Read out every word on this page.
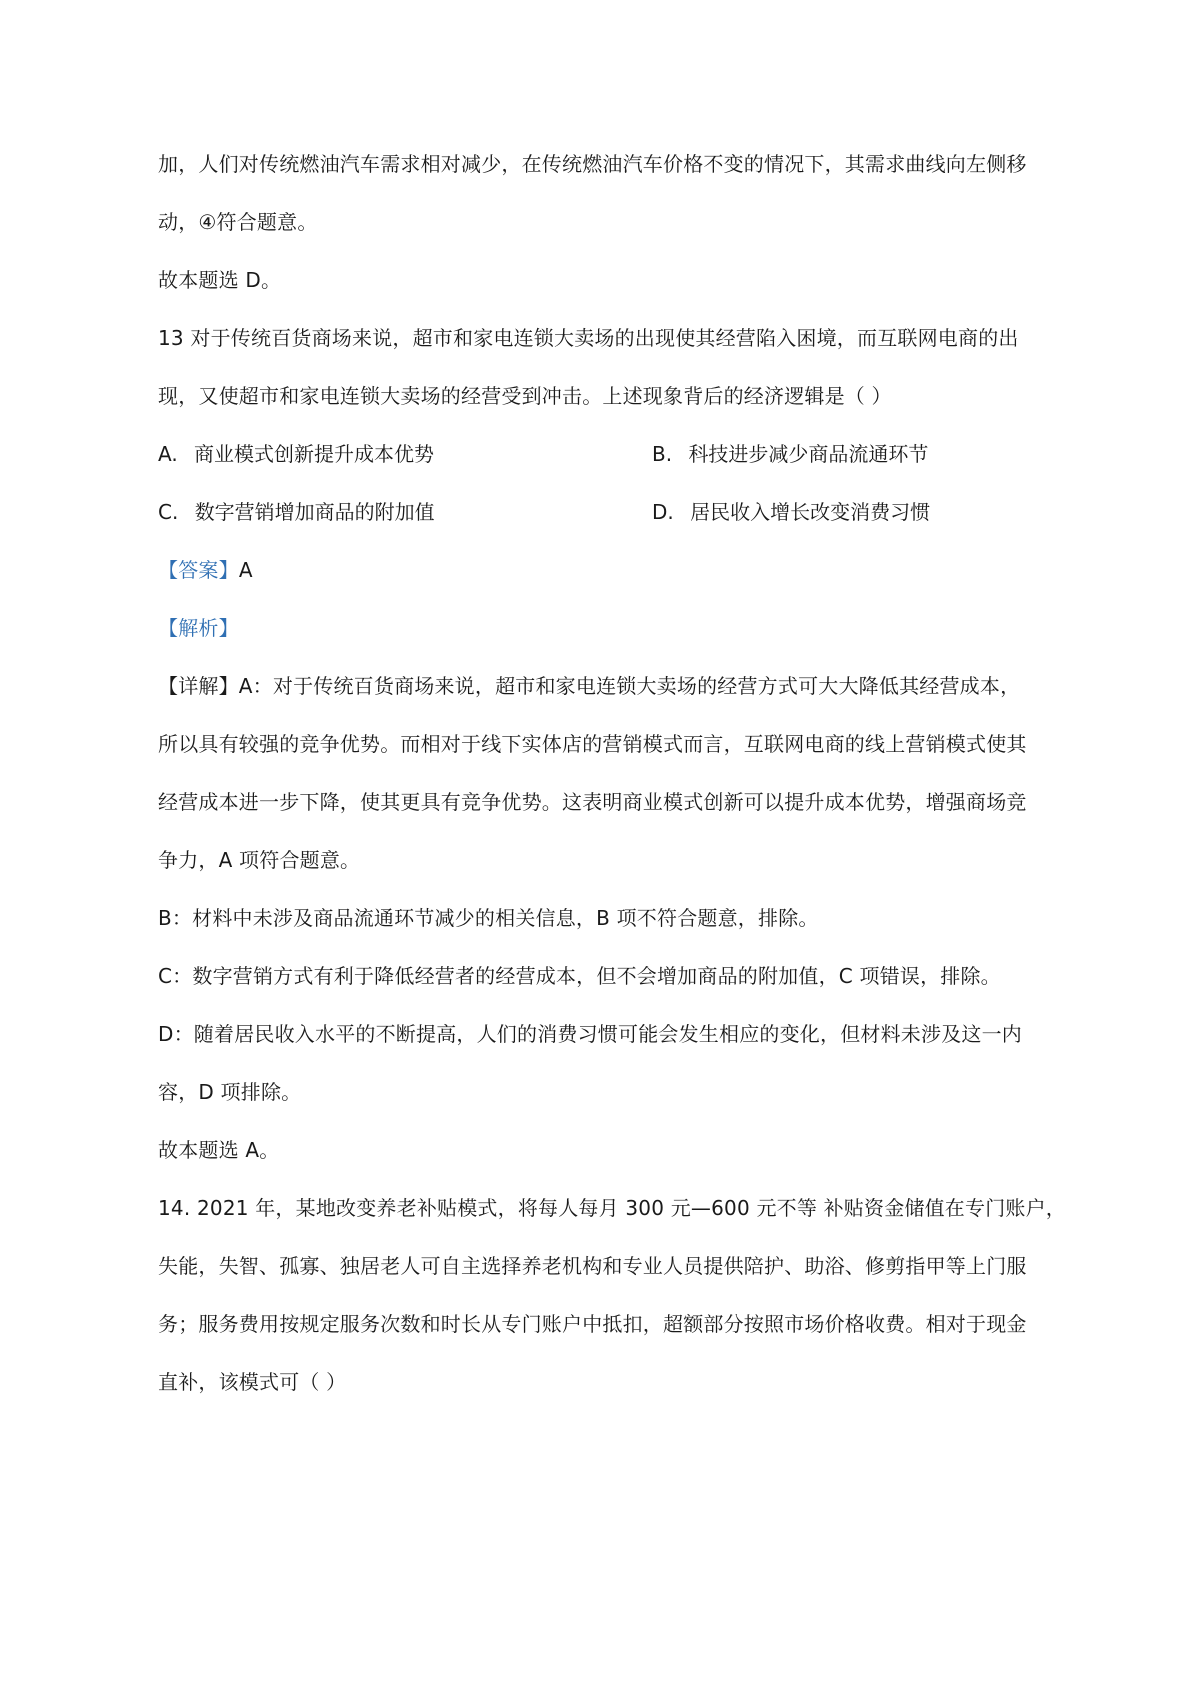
加，人们对传统燃油汽车需求相对减少，在传统燃油汽车价格不变的情况下，其需求曲线向左侧移
动，④符合题意。
故本题选 D。
13 对于传统百货商场来说，超市和家电连锁大卖场的出现使其经营陷入困境，而互联网电商的出
现，又使超市和家电连锁大卖场的经营受到冲击。上述现象背后的经济逻辑是（ ）
A. 商业模式创新提升成本优势	B. 科技进步减少商品流通环节
C. 数字营销增加商品的附加值	D. 居民收入增长改变消费习惯
【答案】A
【解析】
【详解】A：对于传统百货商场来说，超市和家电连锁大卖场的经营方式可大大降低其经营成本，
所以具有较强的竞争优势。而相对于线下实体店的营销模式而言，互联网电商的线上营销模式使其
经营成本进一步下降，使其更具有竞争优势。这表明商业模式创新可以提升成本优势，增强商场竞
争力，A 项符合题意。
B：材料中未涉及商品流通环节减少的相关信息，B 项不符合题意，排除。
C：数字营销方式有利于降低经营者的经营成本，但不会增加商品的附加值，C 项错误，排除。
D：随着居民收入水平的不断提高，人们的消费习惯可能会发生相应的变化，但材料未涉及这一内
容，D 项排除。
故本题选 A。
14. 2021 年，某地改变养老补贴模式，将每人每月 300 元—600 元不等 补贴资金储值在专门账户，
失能，失智、孤寡、独居老人可自主选择养老机构和专业人员提供陪护、助浴、修剪指甲等上门服
务；服务费用按规定服务次数和时长从专门账户中抵扣，超额部分按照市场价格收费。相对于现金
直补，该模式可（ ）
